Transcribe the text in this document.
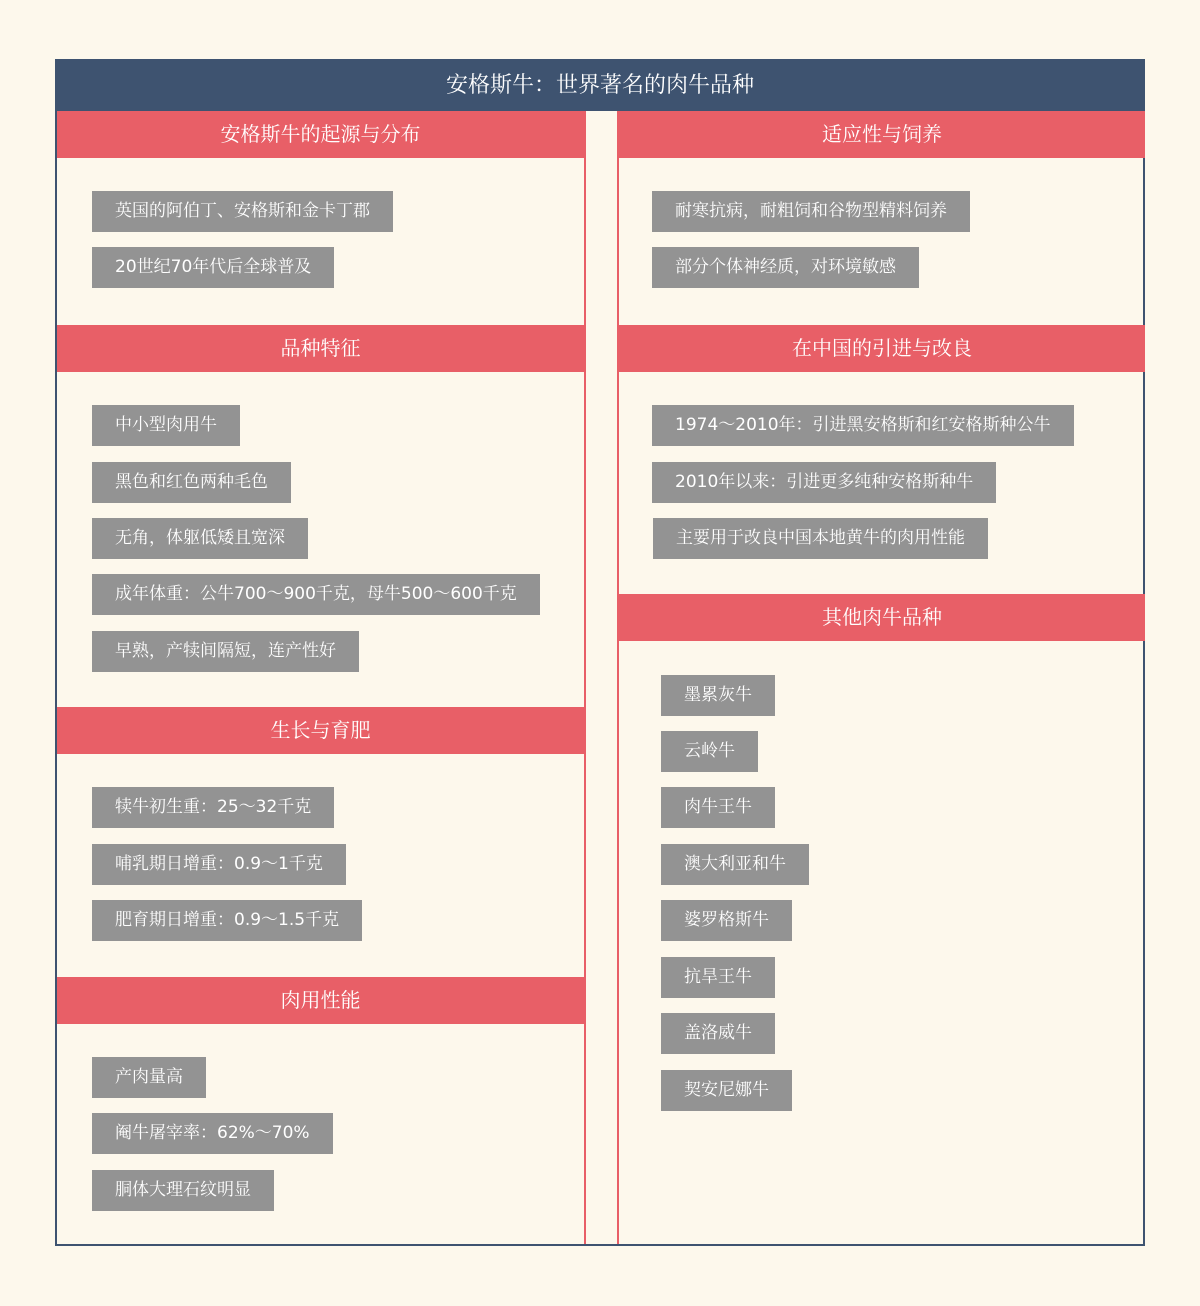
安格斯牛：世界著名的肉牛品种
安格斯牛的起源与分布
英国的阿伯丁、安格斯和金卡丁郡
20世纪70年代后全球普及
品种特征
中小型肉用牛
黑色和红色两种毛色
无角，体躯低矮且宽深
成年体重：公牛700～900千克，母牛500～600千克
早熟，产犊间隔短，连产性好
生长与育肥
犊牛初生重：25～32千克
哺乳期日增重：0.9～1千克
肥育期日增重：0.9～1.5千克
肉用性能
产肉量高
阉牛屠宰率：62%～70%
胴体大理石纹明显
适应性与饲养
耐寒抗病，耐粗饲和谷物型精料饲养
部分个体神经质，对环境敏感
在中国的引进与改良
1974～2010年：引进黑安格斯和红安格斯种公牛
2010年以来：引进更多纯种安格斯种牛
主要用于改良中国本地黄牛的肉用性能
其他肉牛品种
墨累灰牛
云岭牛
肉牛王牛
澳大利亚和牛
婆罗格斯牛
抗旱王牛
盖洛威牛
契安尼娜牛
